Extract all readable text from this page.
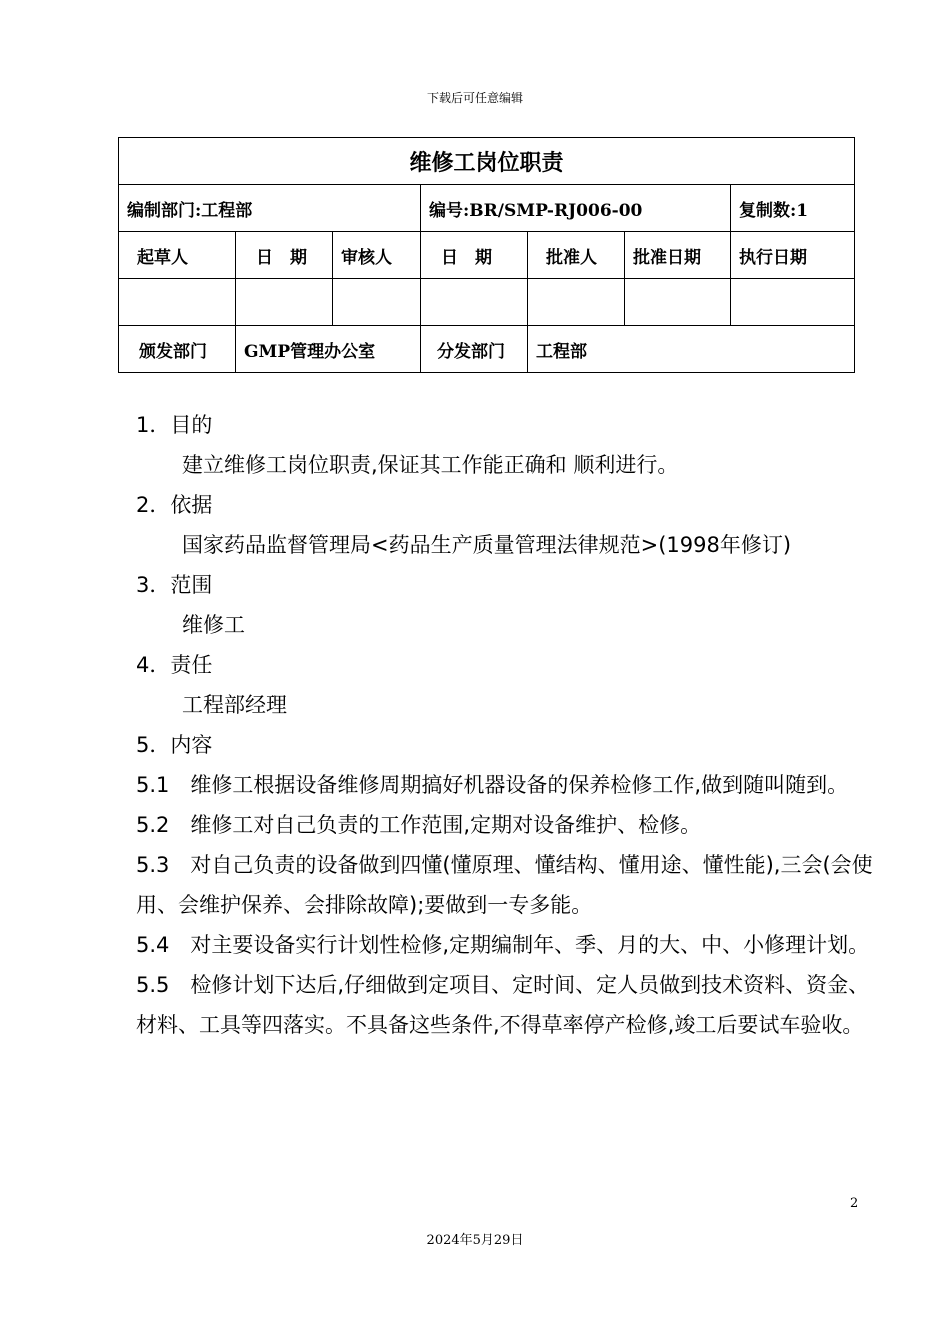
下载后可任意编辑
维修工岗位职责						
编制部门:工程部			编号:BR/SMP-RJ006-00			复制数:1
起草人	日　期	审核人	日　期	批准人	批准日期	执行日期

颁发部门	GMP管理办公室		分发部门	工程部		

1．目的

建立维修工岗位职责,保证其工作能正确和 顺利进行。

2．依据

国家药品监督管理局<药品生产质量管理法律规范>(1998年修订)

3．范围

维修工

4．责任

工程部经理

5．内容

5.1　维修工根据设备维修周期搞好机器设备的保养检修工作,做到随叫随到。

5.2　维修工对自己负责的工作范围,定期对设备维护、检修。

5.3　对自己负责的设备做到四懂(懂原理、懂结构、懂用途、懂性能),三会(会使用、会维护保养、会排除故障);要做到一专多能。

5.4　对主要设备实行计划性检修,定期编制年、季、月的大、中、小修理计划。

5.5　检修计划下达后,仔细做到定项目、定时间、定人员做到技术资料、资金、材料、工具等四落实。不具备这些条件,不得草率停产检修,竣工后要试车验收。

2
2024年5月29日
